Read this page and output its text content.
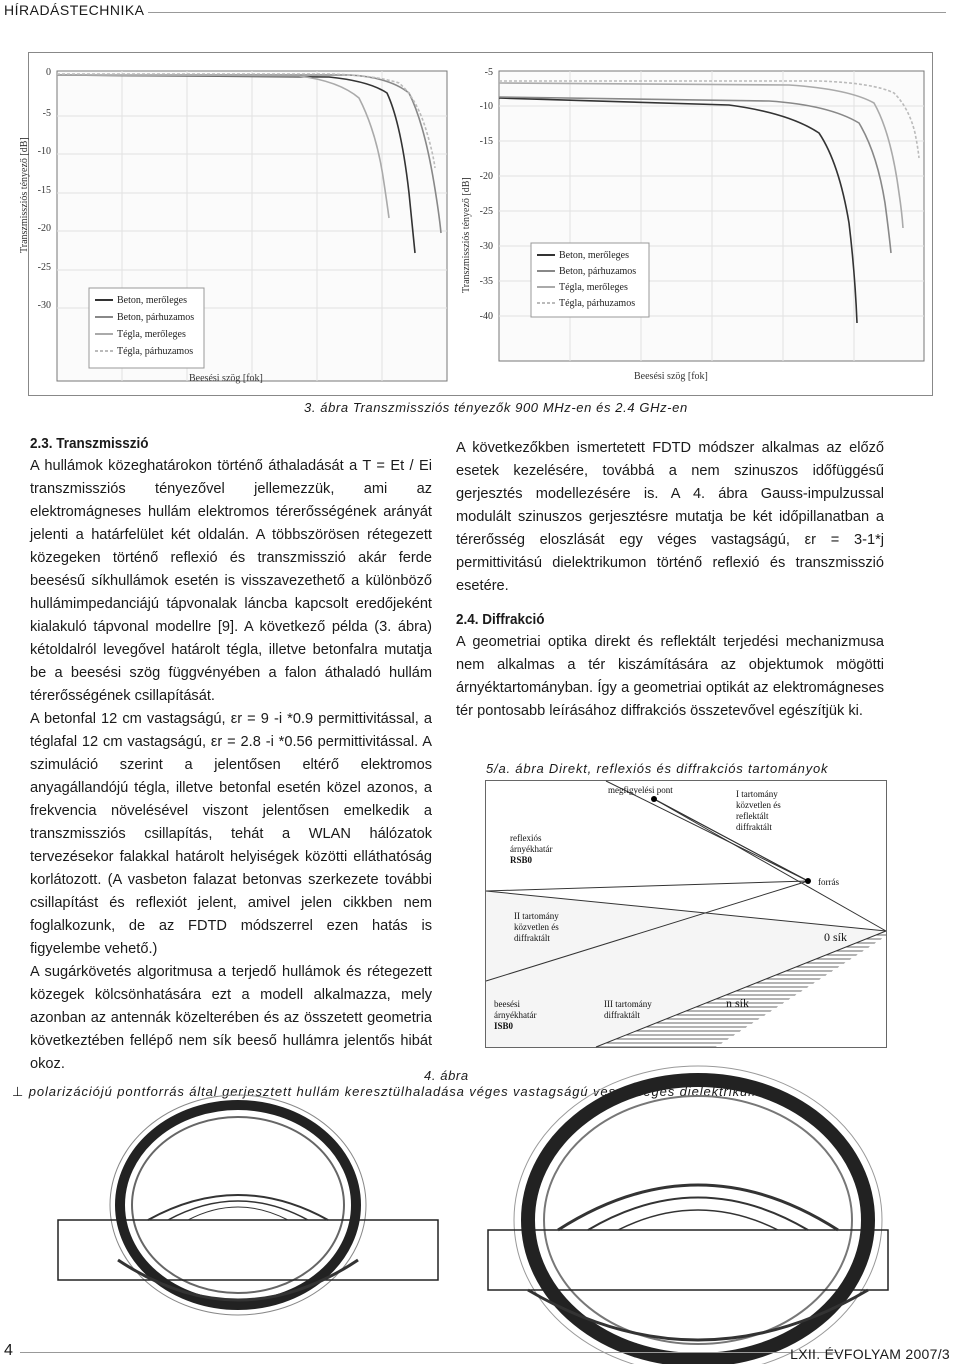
HÍRADÁSTECHNIKA
0
-5
-10
-15
-20
-25
-30
Transzmissziós tényező [dB]
Beesési szög [fok]
Beton, merőleges
Beton, párhuzamos
Tégla, merőleges
Tégla, párhuzamos
-5
-10
-15
-20
-25
-30
-35
-40
Transzmissziós tényező [dB]
Beesési szög [fok]
Beton, merőleges
Beton, párhuzamos
Tégla, merőleges
Tégla, párhuzamos
3. ábra Transzmissziós tényezők 900 MHz-en és 2.4 GHz-en
2.3. Transzmisszió

A hullámok közeghatárokon történő áthaladását a T = Et / Ei transzmissziós tényezővel jellemezzük, ami az elektromágneses hullám elektromos térerősségének arányát jelenti a határfelület két oldalán. A többszörösen rétegezett közegeken történő reflexió és transzmisszió akár ferde beesésű síkhullámok esetén is visszavezethető a különböző hullámimpedanciájú tápvonalak láncba kapcsolt eredőjeként kialakuló tápvonal modellre [9]. A következő példa (3. ábra) kétoldalról levegővel határolt tégla, illetve betonfalra mutatja be a beesési szög függvényében a falon áthaladó hullám térerősségének csillapítását.

A betonfal 12 cm vastagságú, εr = 9 -i *0.9 permittivitással, a téglafal 12 cm vastagságú, εr = 2.8 -i *0.56 permittivitással. A szimuláció szerint a jelentősen eltérő elektromos anyagállandójú tégla, illetve betonfal esetén közel azonos, a frekvencia növelésével viszont jelentősen emelkedik a transzmissziós csillapítás, tehát a WLAN hálózatok tervezésekor falakkal határolt helyiségek közötti elláthatóság korlátozott. (A vasbeton falazat betonvas szerkezete további csillapítást és reflexiót jelent, amivel jelen cikkben nem foglalkozunk, de az FDTD módszerrel ezen hatás is figyelembe vehető.)

A sugárkövetés algoritmusa a terjedő hullámok és rétegezett közegek kölcsönhatására ezt a modell alkalmazza, mely azonban az antennák közelterében és az összetett geometria következtében fellépő nem sík beeső hullámra jelentős hibát okoz.

A következőkben ismertetett FDTD módszer alkalmas az előző esetek kezelésére, továbbá a nem szinuszos időfüggésű gerjesztés modellezésére is. A 4. ábra Gauss-impulzussal modulált szinuszos gerjesztésre mutatja be két időpillanatban a térerősség eloszlását egy véges vastagságú, εr = 3-1*j permittivitású dielektrikumon történő reflexió és transzmisszió esetére.

2.4. Diffrakció

A geometriai optika direkt és reflektált terjedési mechanizmusa nem alkalmas a tér kiszámítására az objektumok mögötti árnyéktartományban. Így a geometriai optikát az elektromágneses tér pontosabb leírásához diffrakciós összetevővel egészítjük ki.

5/a. ábra Direkt, reflexiós és diffrakciós tartományok
megfigyelési pont	I tartomány
közvetlen és
reflektált
diffraktált
reflexiós
árnyékhatár
RSB0
forrás
II tartomány
közvetlen és
diffraktált	0 sík
beesési
árnyékhatár
ISB0
III tartomány
diffraktált
n sík
4. ábra
⊥ polarizációjú pontforrás által gerjesztett hullám keresztülhaladása véges vastagságú veszteséges dielektrikumon
4	LXII. ÉVFOLYAM 2007/3
